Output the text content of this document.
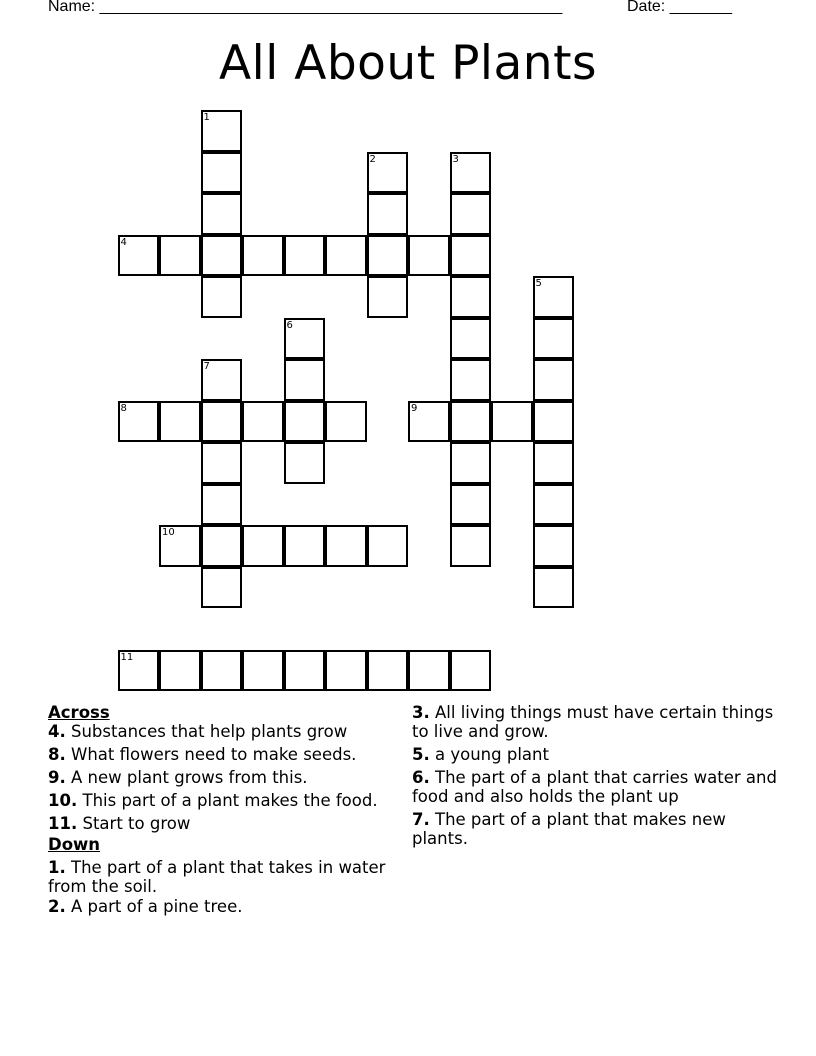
Name: ____________________________________________________	Date: _______
All About Plants
1
2	3
4
5
6
7
8	9
10
11

Across

4. Substances that help plants grow

8. What flowers need to make seeds.

9. A new plant grows from this.

10. This part of a plant makes the food.

11. Start to grow

Down

1. The part of a plant that takes in water from the soil.

2. A part of a pine tree.

3. All living things must have certain things to live and grow.

5. a young plant

6. The part of a plant that carries water and food and also holds the plant up

7. The part of a plant that makes new plants.
